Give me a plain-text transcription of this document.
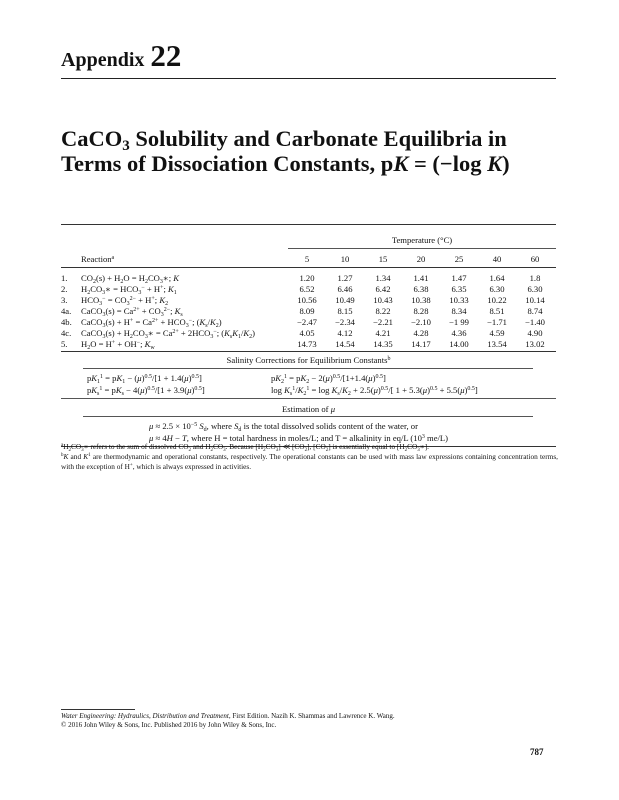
Appendix 22
CaCO$_3$ Solubility and Carbonate Equilibria in
Terms of Dissociation Constants, pK = (−log K)
Temperature (°C)
Reaction$^a$	5	10	15	20	25	40	60
1.	$CO_2(s) + H_2O$ = $H_2CO_3∗$; K	1.20	1.27	1.34	1.41	1.47	1.64	1.8
2.	$H_2CO_3∗ = HCO_3^- + H^+$; $K_1$	6.52	6.46	6.42	6.38	6.35	6.30	6.30
3.	$HCO_3^- = CO_3^{2-} + H^+$; $K_2$	10.56	10.49	10.43	10.38	10.33	10.22	10.14
4a.	CaCO$_3$(s) = $Ca^{2+} + CO_3^{2-}$; $K_s$	8.09	8.15	8.22	8.28	8.34	8.51	8.74
4b.	CaCO$_3$(s) + $H^+ = Ca^{2+} + HCO_3^-$; $(K_s/K_2)$	−2.47	−2.34	−2.21	−2.10	−1 99	−1.71	−1.40
4c.	CaCO$_3$(s) + $H_2CO_3∗ = Ca^{2+} + 2HCO_3^-$; $(K_sK_1/K_2)$	4.05	4.12	4.21	4.28	4.36	4.59	4.90
5.	$H_2O = H^+ + OH^-$; $K_w$	14.73	14.54	14.35	14.17	14.00	13.54	13.02
Salinity Corrections for Equilibrium Constants$^b$
$pK_1^1 = pK_1 - (\mu)^{0.5}/[1 + 1.4(\mu)^{0.5}]$	$pK_2^1 = pK_2 - 2(\mu)^{0.5}/[1+1.4(\mu)^{0.5}]$
$pK_s^1 = pK_s - 4(\mu)^{0.5}/[1 + 3.9(\mu)^{0.5}]$	$\log K_s^1/K_2^1 = \log K_s/K_2 + 2.5(\mu)^{0.5}/$[ $1 + 5.3(\mu)^{0.5} + 5.5(\mu)^{0.5}$]
Estimation of μ
$\mu \approx 2.5 \times 10^{-5}$ $S_d$, where $S_d$ is the total dissolved solids content of the water, or
μ ≈ 4H − T, where H = total hardness in moles/L; and T = alkalinity in eq/L ($10^3$ me/L)

$^aH_2CO_3∗$ refers to the sum of dissolved $CO_2$ and $H_2CO_3$. Because $[H_2CO_3]$ ≪ $[CO_2]$, $[CO_2]$ is essentially equal to $[H_2CO_3∗]$.

$^b$K and $K^1$ are thermodynamic and operational constants, respectively. The operational constants can be used with mass law expressions containing concentration terms, with the exception of H+, which is always expressed in activities.

Water Engineering: Hydraulics, Distribution and Treatment, First Edition. Nazih K. Shammas and Lawrence K. Wang.
© 2016 John Wiley & Sons, Inc. Published 2016 by John Wiley & Sons, Inc.
787
